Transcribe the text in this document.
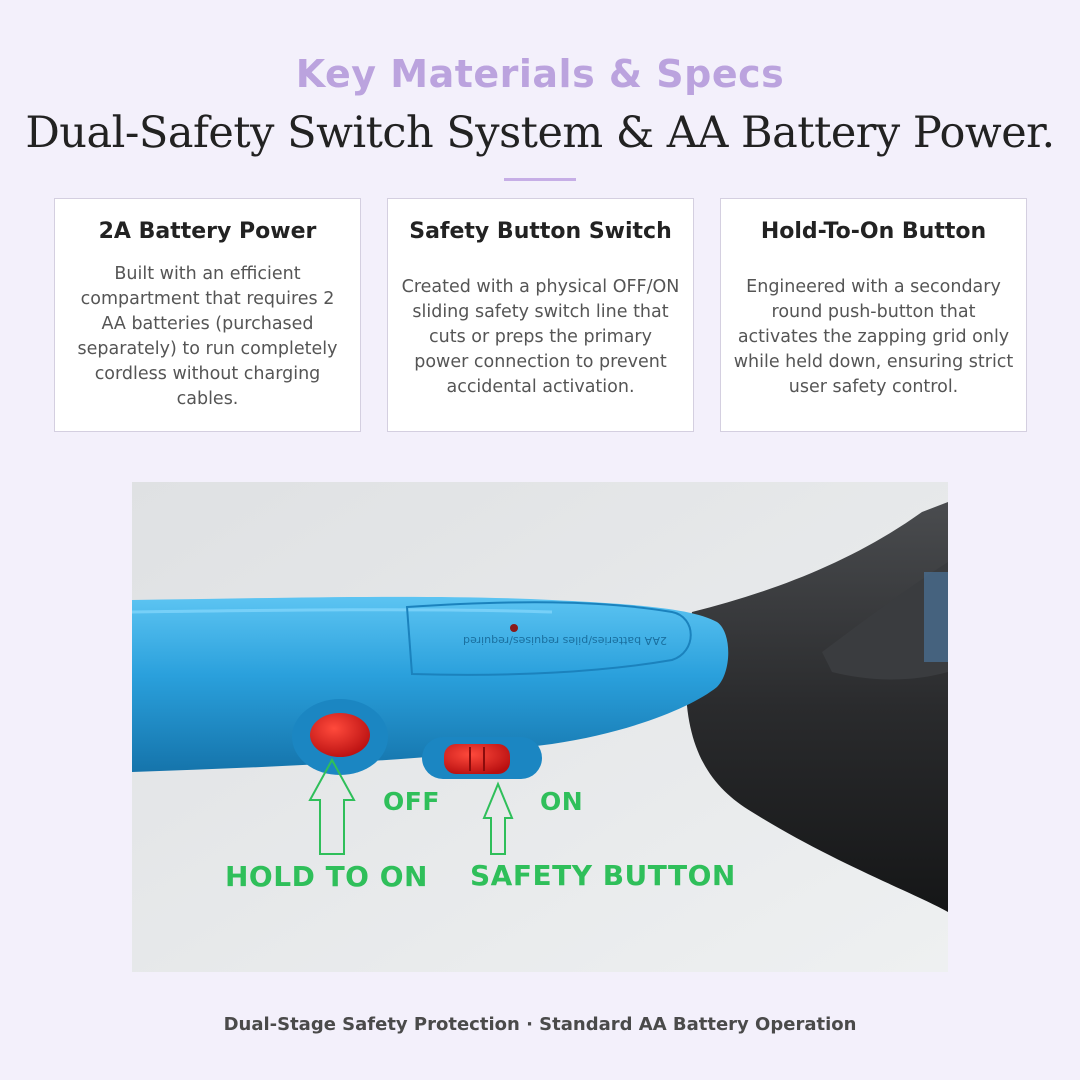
Key Materials & Specs
Dual-Safety Switch System & AA Battery Power.
2A Battery Power

Built with an efficient compartment that requires 2 AA batteries (purchased separately) to run completely cordless without charging cables.

Safety Button Switch

Created with a physical OFF/ON sliding safety switch line that cuts or preps the primary power connection to prevent accidental activation.

Hold-To-On Button

Engineered with a secondary round push-button that activates the zapping grid only while held down, ensuring strict user safety control.

2AA batteries/piles requises/required
OFF	ON
HOLD TO ON SAFETY BUTTON
Dual-Stage Safety Protection · Standard AA Battery Operation
